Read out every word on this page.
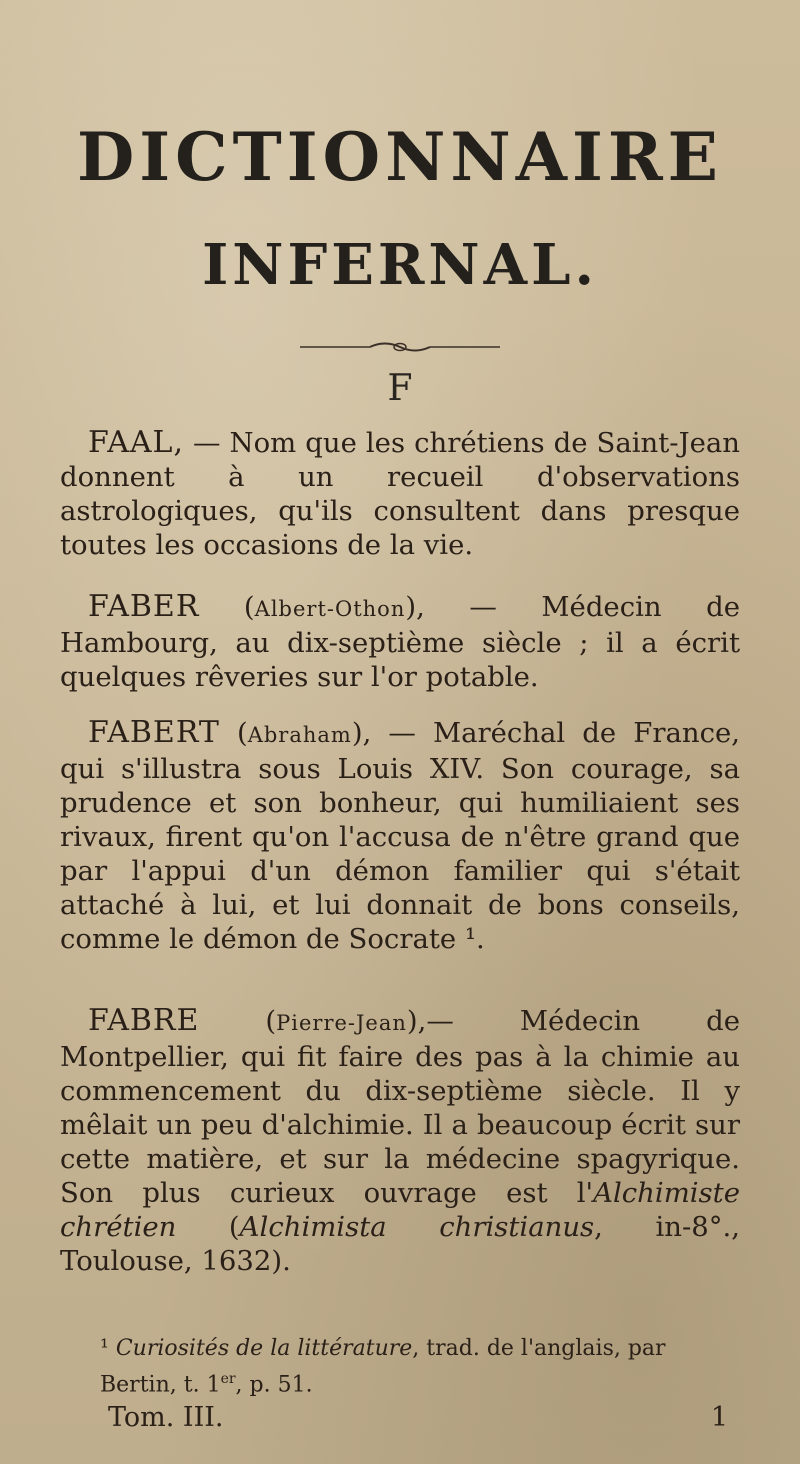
DICTIONNAIRE
INFERNAL.
F
FAAL, — Nom que les chrétiens de Saint-Jean donnent à un recueil d'observations astrologiques, qu'ils consultent dans presque toutes les occasions de la vie.
FABER (Albert-Othon), — Médecin de Hambourg, au dix-septième siècle ; il a écrit quelques rêveries sur l'or potable.
FABERT (Abraham), — Maréchal de France, qui s'illustra sous Louis XIV. Son courage, sa prudence et son bonheur, qui humiliaient ses rivaux, firent qu'on l'accusa de n'être grand que par l'appui d'un démon familier qui s'était attaché à lui, et lui donnait de bons conseils, comme le démon de Socrate ¹.
FABRE (Pierre-Jean),— Médecin de Montpellier, qui fit faire des pas à la chimie au commencement du dix-septième siècle. Il y mêlait un peu d'alchimie. Il a beaucoup écrit sur cette matière, et sur la médecine spagyrique. Son plus curieux ouvrage est l'Alchimiste chrétien (Alchimista christianus, in-8°., Toulouse, 1632).
¹ Curiosités de la littérature, trad. de l'anglais, par Bertin, t. 1er, p. 51.
Tom. III.	1
